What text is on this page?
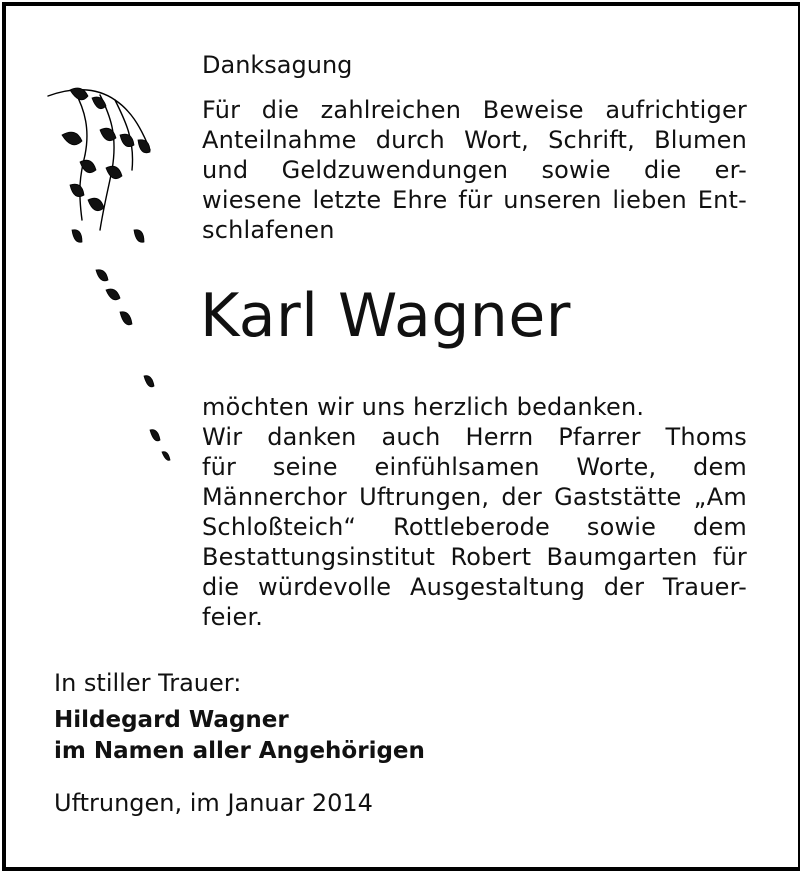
Danksagung

Für die zahlreichen Beweise aufrichtiger
Anteilnahme durch Wort, Schrift, Blumen
und Geldzuwendungen sowie die er-
wiesene letzte Ehre für unseren lieben Ent-
schlafenen

Karl Wagner

möchten wir uns herzlich bedanken.
Wir danken auch Herrn Pfarrer Thoms
für seine einfühlsamen Worte, dem
Männerchor Uftrungen, der Gaststätte „Am
Schloßteich“ Rottleberode sowie dem
Bestattungsinstitut Robert Baumgarten für
die würdevolle Ausgestaltung der Trauer-
feier.

In stiller Trauer:

Hildegard Wagner

im Namen aller Angehörigen

Uftrungen, im Januar 2014
